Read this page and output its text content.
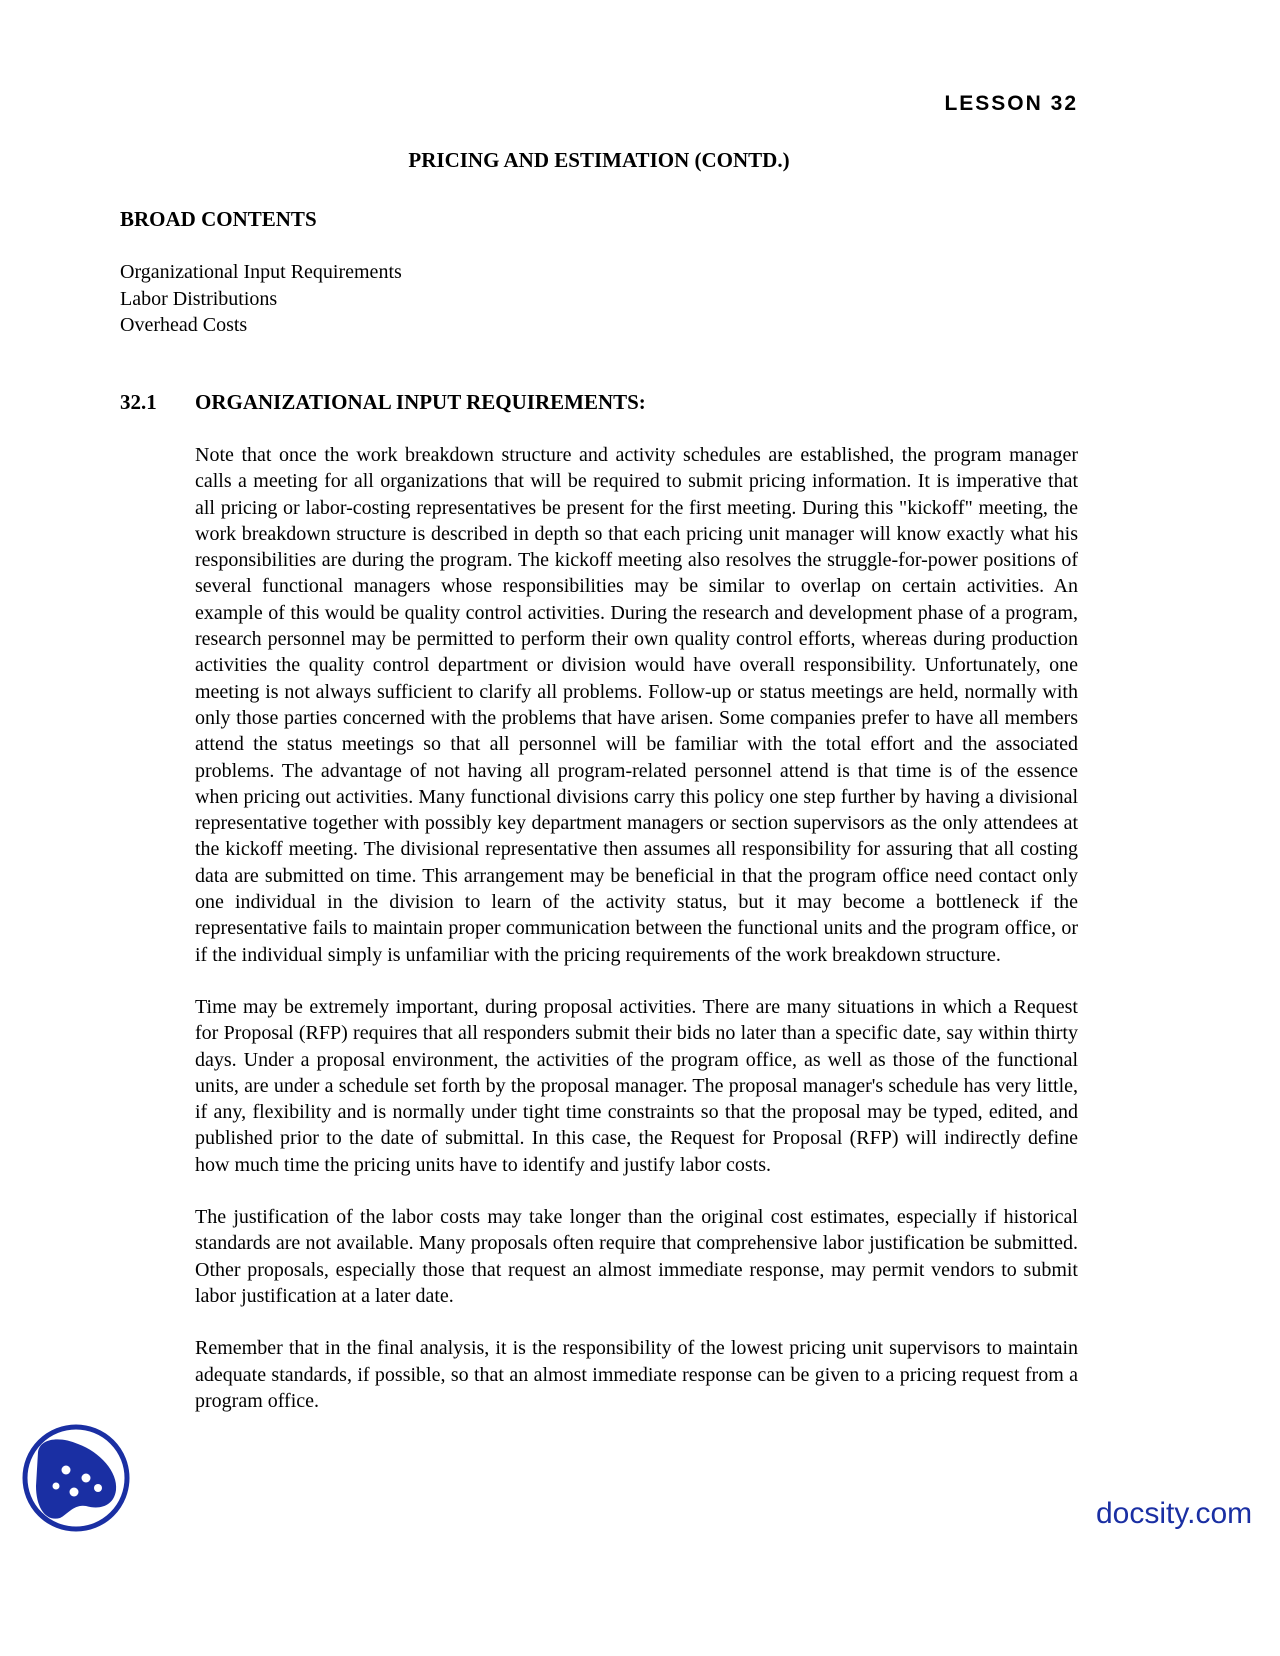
LESSON 32
PRICING AND ESTIMATION (CONTD.)
BROAD CONTENTS
Organizational Input Requirements
Labor Distributions
Overhead Costs
32.1 ORGANIZATIONAL INPUT REQUIREMENTS:

Note that once the work breakdown structure and activity schedules are established, the program manager calls a meeting for all organizations that will be required to submit pricing information. It is imperative that all pricing or labor-costing representatives be present for the first meeting. During this "kickoff" meeting, the work breakdown structure is described in depth so that each pricing unit manager will know exactly what his responsibilities are during the program. The kickoff meeting also resolves the struggle-for-power positions of several functional managers whose responsibilities may be similar to overlap on certain activities. An example of this would be quality control activities. During the research and development phase of a program, research personnel may be permitted to perform their own quality control efforts, whereas during production activities the quality control department or division would have overall responsibility. Unfortunately, one meeting is not always sufficient to clarify all problems. Follow-up or status meetings are held, normally with only those parties concerned with the problems that have arisen. Some companies prefer to have all members attend the status meetings so that all personnel will be familiar with the total effort and the associated problems. The advantage of not having all program-related personnel attend is that time is of the essence when pricing out activities. Many functional divisions carry this policy one step further by having a divisional representative together with possibly key department managers or section supervisors as the only attendees at the kickoff meeting. The divisional representative then assumes all responsibility for assuring that all costing data are submitted on time. This arrangement may be beneficial in that the program office need contact only one individual in the division to learn of the activity status, but it may become a bottleneck if the representative fails to maintain proper communication between the functional units and the program office, or if the individual simply is unfamiliar with the pricing requirements of the work breakdown structure.

Time may be extremely important, during proposal activities. There are many situations in which a Request for Proposal (RFP) requires that all responders submit their bids no later than a specific date, say within thirty days. Under a proposal environment, the activities of the program office, as well as those of the functional units, are under a schedule set forth by the proposal manager. The proposal manager's schedule has very little, if any, flexibility and is normally under tight time constraints so that the proposal may be typed, edited, and published prior to the date of submittal. In this case, the Request for Proposal (RFP) will indirectly define how much time the pricing units have to identify and justify labor costs.

The justification of the labor costs may take longer than the original cost estimates, especially if historical standards are not available. Many proposals often require that comprehensive labor justification be submitted. Other proposals, especially those that request an almost immediate response, may permit vendors to submit labor justification at a later date.

Remember that in the final analysis, it is the responsibility of the lowest pricing unit supervisors to maintain adequate standards, if possible, so that an almost immediate response can be given to a pricing request from a program office.

docsity.com
